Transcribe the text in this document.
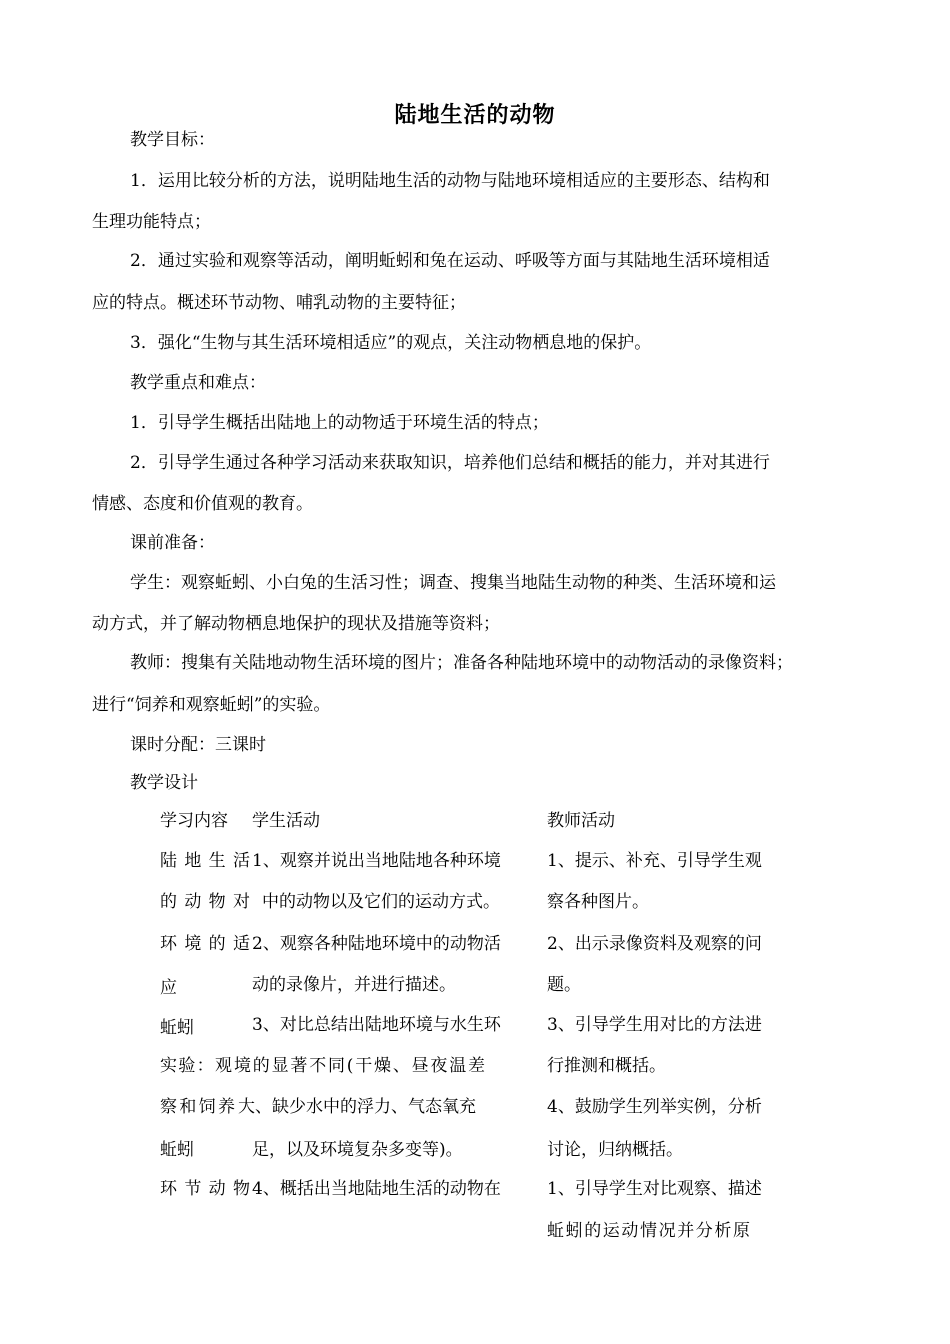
陆地生活的动物
教学目标：
1．运用比较分析的方法，说明陆地生活的动物与陆地环境相适应的主要形态、结构和
生理功能特点；
2．通过实验和观察等活动，阐明蚯蚓和兔在运动、呼吸等方面与其陆地生活环境相适
应的特点。概述环节动物、哺乳动物的主要特征；
3．强化“生物与其生活环境相适应”的观点，关注动物栖息地的保护。
教学重点和难点：
1．引导学生概括出陆地上的动物适于环境生活的特点；
2．引导学生通过各种学习活动来获取知识，培养他们总结和概括的能力，并对其进行
情感、态度和价值观的教育。
课前准备：
学生：观察蚯蚓、小白兔的生活习性；调查、搜集当地陆生动物的种类、生活环境和运
动方式，并了解动物栖息地保护的现状及措施等资料；
教师：搜集有关陆地动物生活环境的图片；准备各种陆地环境中的动物活动的录像资料；
进行“饲养和观察蚯蚓”的实验。
课时分配：三课时
教学设计
学习内容	学生活动	教师活动
陆地生活
的动物对
环境的适
应
蚯蚓
实验：观
察和饲养
蚯蚓
环节动物
1、观察并说出当地陆地各种环境
中的动物以及它们的运动方式。
2、观察各种陆地环境中的动物活
动的录像片，并进行描述。
3、对比总结出陆地环境与水生环
境的显著不同(干燥、昼夜温差
大、缺少水中的浮力、气态氧充
足，以及环境复杂多变等)。
4、概括出当地陆地生活的动物在
1、提示、补充、引导学生观
察各种图片。
2、出示录像资料及观察的问
题。
3、引导学生用对比的方法进
行推测和概括。
4、鼓励学生列举实例，分析
讨论，归纳概括。
1、引导学生对比观察、描述
蚯蚓的运动情况并分析原
